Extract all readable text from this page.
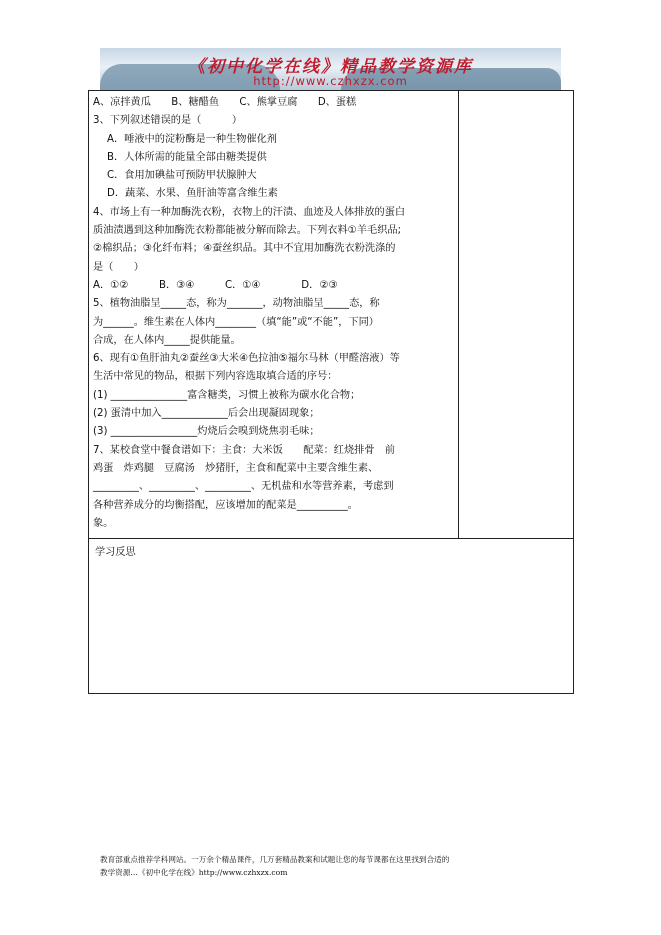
《初中化学在线》精品教学资源库
http://www.czhxzx.com
A、凉拌黄瓜　　B、糖醋鱼　　C、熊掌豆腐　　D、蛋糕
3、下列叙述错误的是（　　　）
A．唾液中的淀粉酶是一种生物催化剂
B．人体所需的能量全部由糖类提供
C．食用加碘盐可预防甲状腺肿大
D．蔬菜、水果、鱼肝油等富含维生素
4、市场上有一种加酶洗衣粉，衣物上的汗渍、血迹及人体排放的蛋白
质油渍遇到这种加酶洗衣粉都能被分解而除去。下列衣料①羊毛织品;
②棉织品；③化纤布料；④蚕丝织品。其中不宜用加酶洗衣粉洗涤的
是（　　）
A．①②　　　B．③④　　　C．①④　　　　D．②③
5、植物油脂呈_____态，称为_______，动物油脂呈_____态，称
为______。维生素在人体内________（填“能”或“不能”，下同）
合成，在人体内_____提供能量。
6、现有①鱼肝油丸②蚕丝③大米④色拉油⑤福尔马林（甲醛溶液）等
生活中常见的物品，根据下列内容选取填合适的序号：
(1) _______________富含糖类，习惯上被称为碳水化合物；
(2) 蛋清中加入_____________后会出现凝固现象；
(3) _________________灼烧后会嗅到烧焦羽毛味；
7、某校食堂中餐食谱如下：主食：大米饭　　配菜：红烧排骨　前
鸡蛋　炸鸡腿　豆腐汤　炒猪肝，主食和配菜中主要含维生素、
_________、_________、_________、无机盐和水等营养素，考虑到
各种营养成分的均衡搭配，应该增加的配菜是__________。
象。
学习反思
教育部重点推荐学科网站。一万余个精品课件，几万套精品教案和试题让您的每节课都在这里找到合适的
教学资源…《初中化学在线》http://www.czhxzx.com
